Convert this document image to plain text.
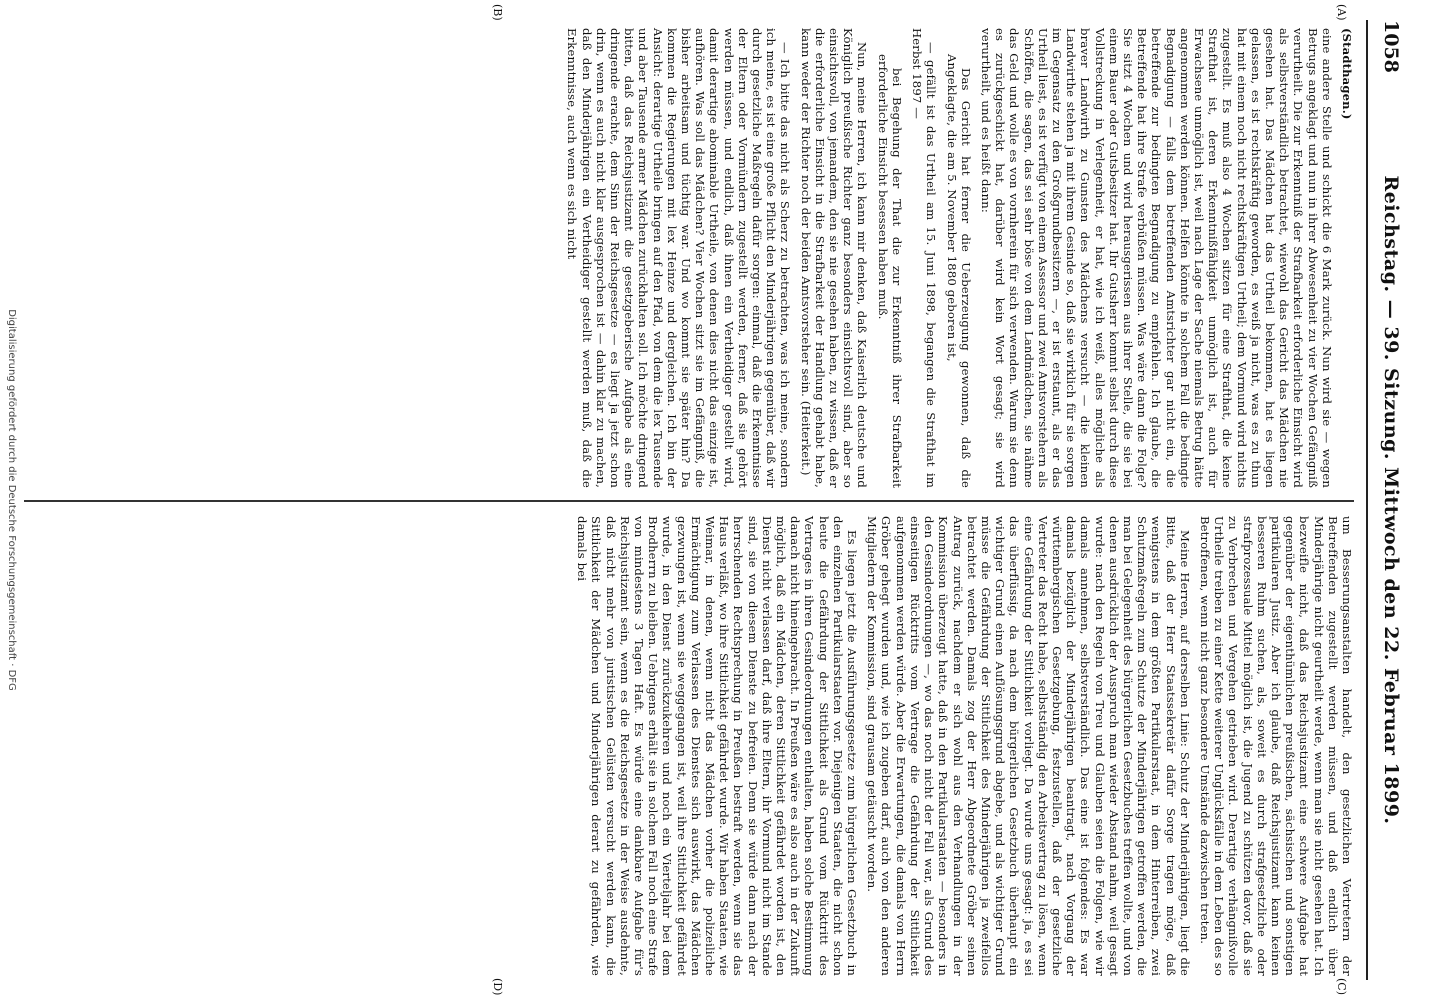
1058
Reichstag. — 39. Sitzung. Mittwoch den 22. Februar 1899.
(A)
(B)
(C)
(D)

(Stadthagen.)

eine andere Stelle und schickt die 6 Mark zurück. Nun wird sie — wegen Betrugs angeklagt und nun in ihrer Abwesenheit zu vier Wochen Gefängniß verurtheilt. Die zur Erkenntniß der Strafbarkeit erforderliche Einsicht wird als selbstverständlich betrachtet, wiewohl das Gericht das Mädchen nie gesehen hat. Das Mädchen hat das Urtheil bekommen, hat es liegen gelassen, es ist rechtskräftig geworden, es weiß ja nicht, was es zu thun hat mit einem noch nicht rechtskräftigen Urtheil; dem Vormund wird nichts zugestellt. Es muß also 4 Wochen sitzen für eine Strafthat, die keine Strafthat ist, deren Erkenntnißfähigkeit unmöglich ist, auch für Erwachsene unmöglich ist, weil nach Lage der Sache niemals Betrug hätte angenommen werden können. Helfen könnte in solchem Fall die bedingte Begnadigung — falls dem betreffenden Amtsrichter gar nicht ein, die betreffende zur bedingten Begnadigung zu empfehlen. Ich glaube, die Betreffende hat ihre Strafe verbüßen müssen. Was wäre dann die Folge? Sie sitzt 4 Wochen und wird herausgerissen aus ihrer Stelle, die sie bei einem Bauer oder Gutsbesitzer hat. Ihr Gutsherr kommt selbst durch diese Vollstreckung in Verlegenheit, er hat, wie ich weiß, alles mögliche als braver Landwirth zu Gunsten des Mädchens versucht — die kleinen Landwirthe stehen ja mit ihrem Gesinde so, daß sie wirklich für sie sorgen im Gegensatz zu den Großgrundbesitzern —, er ist erstaunt, als er das Urtheil liest, es ist verfügt von einem Assessor und zwei Amtsvorstehern als Schöffen, die sagen, das sei sehr böse von dem Landmädchen, sie nähme das Geld und wolle es von vornherein für sich verwenden. Warum sie denn es zurückgeschickt hat, darüber wird kein Wort gesagt; sie wird verurtheilt, und es heißt dann:

Das Gericht hat ferner die Ueberzeugung gewonnen, daß die Angeklagte, die am 5. November 1880 geboren ist,

— gefällt ist das Urtheil am 15. Juni 1898, begangen die Strafthat im Herbst 1897 —

bei Begehung der That die zur Erkenntniß ihrer Strafbarkeit erforderliche Einsicht besessen haben muß.

Nun, meine Herren, ich kann mir denken, daß Kaiserlich deutsche und Königlich preußische Richter ganz besonders einsichtsvoll sind, aber so einsichtsvoll, von jemandem, den sie nie gesehen haben, zu wissen, daß er die erforderliche Einsicht in die Strafbarkeit der Handlung gehabt habe, kann weder der Richter noch der beiden Amtsvorsteher sein. (Heiterkeit.)

— Ich bitte das nicht als Scherz zu betrachten, was ich meine, sondern ich meine, es ist eine große Pflicht den Minderjährigen gegenüber, daß wir durch gesetzliche Maßregeln dafür sorgen: einmal, daß die Erkenntnisse der Eltern oder Vormündern zugestellt werden, ferner, daß sie gehört werden müssen, und endlich, daß ihnen ein Vertheidiger gestellt wird, damit derartige abominable Urtheile, von denen dies nicht das einzige ist, aufhören. Was soll das Mädchen? Vier Wochen sitzt sie im Gefängniß, die bisher arbeitsam und tüchtig war. Und wo kommt sie später hin? Da kommen die Regierungen mit lex Heinze und dergleichen. Ich bin der Ansicht: derartige Urtheile bringen auf den Pfad, von dem die lex Tausende und aber Tausende armer Mädchen zurückhalten soll. Ich möchte dringend bitten, daß das Reichsjustizamt die gesetzgeberische Aufgabe als eine dringende erachte, dem Sinn der Reichsgesetze — es liegt ja jetzt schon drin, wenn es auch nicht klar ausgesprochen ist — dahin klar zu machen, daß den Minderjährigen ein Vertheidiger gestellt werden muß, daß die Erkenntnisse, auch wenn es sich nicht

um Besserungsanstalten handelt, den gesetzlichen Vertretern der Betreffenden zugestellt werden müssen, und daß endlich über Minderjährige nicht geurtheilt werde, wenn man sie nicht gesehen hat. Ich bezweifle nicht, daß das Reichsjustizamt eine schwere Aufgabe hat gegenüber der eigenthümlichen preußischen, sächsischen und sonstigen partikularen Justiz. Aber ich glaube, daß Reichsjustizamt kann keinen besseren Ruhm suchen, als, soweit es durch strafgesetzliche oder strafprozessuale Mittel möglich ist, die Jugend zu schützen davor, daß sie zu Verbrechen und Vergehen getrieben wird. Derartige verhängnißvolle Urtheile treiben zu einer Kette weiterer Unglücksfälle in dem Leben des so Betroffenen, wenn nicht ganz besondere Umstände dazwischen treten.

Meine Herren, auf derselben Linie: Schutz der Minderjährigen, liegt die Bitte, daß der Herr Staatssekretär dafür Sorge tragen möge, daß wenigstens in dem größten Partikularstaat, in dem Hinterreiben, zwei Schutzmaßregeln zum Schutze der Minderjährigen getroffen werden, die man bei Gelegenheit des bürgerlichen Gesetzbuches treffen wollte, und von denen ausdrücklich der Ausspruch man wieder Abstand nahm, weil gesagt wurde: nach den Regeln von Treu und Glauben seien die Folgen, wie wir damals annehmen, selbstverständlich. Das eine ist folgendes: Es war damals bezüglich der Minderjährigen beantragt, nach Vorgang der württembergischen Gesetzgebung, festzustellen, daß der gesetzliche Vertreter das Recht habe, selbstständig den Arbeitsvertrag zu lösen, wenn eine Gefährdung der Sittlichkeit vorliegt. Da wurde uns gesagt: ja, es sei das überflüssig, da nach dem bürgerlichen Gesetzbuch überhaupt ein wichtiger Grund einen Auflösungsgrund abgebe, und als wichtiger Grund müsse die Gefährdung der Sittlichkeit des Minderjährigen ja zweifellos betrachtet werden. Damals zog der Herr Abgeordnete Gröber seinen Antrag zurück, nachdem er sich wohl aus den Verhandlungen in der Kommission überzeugt hatte, daß in den Partikularstaaten — besonders in den Gesindeordnungen —, wo das noch nicht der Fall war, als Grund des einseitigen Rücktritts vom Vertrage die Gefährdung der Sittlichkeit aufgenommen werden würde. Aber die Erwartungen, die damals von Herrn Gröber gehegt wurden und, wie ich zugeben darf, auch von den anderen Mitgliedern der Kommission, sind grausam getäuscht worden.

Es liegen jetzt die Ausführungsgesetze zum bürgerlichen Gesetzbuch in den einzelnen Partikularstaaten vor. Diejenigen Staaten, die nicht schon heute die Gefährdung der Sittlichkeit als Grund vom Rücktritt des Vertrages in ihren Gesindeordnungen enthalten, haben solche Bestimmung danach nicht hineingebracht. In Preußen wäre es also auch in der Zukunft möglich, daß ein Mädchen, deren Sittlichkeit gefährdet worden ist, den Dienst nicht verlassen darf, daß ihre Eltern, ihr Vormund nicht im Stande sind, sie von diesem Dienste zu befreien. Denn sie würde dann nach der herrschenden Rechtsprechung in Preußen bestraft werden, wenn sie das Haus verläßt, wo ihre Sittlichkeit gefährdet wurde. Wir haben Staaten, wie Weimar, in denen, wenn nicht das Mädchen vorher die polizeiliche Ermächtigung zum Verlassen des Dienstes sich auswirkt, das Mädchen gezwungen ist, wenn sie weggegangen ist, weil ihre Sittlichkeit gefährdet wurde, in den Dienst zurückzukehren und noch ein Vierteljahr bei dem Brodherrn zu bleiben. Uebrigens erhält sie in solchem Fall noch eine Strafe von mindestens 3 Tagen Haft. Es würde eine dankbare Aufgabe für's Reichsjustizamt sein, wenn es die Reichsgesetze in der Weise ausdehnte, daß nicht mehr von juristischen Gelüsten versucht werden kann, die Sittlichkeit der Mädchen und Minderjährigen derart zu gefährden, wie damals bei

Digitalisierung gefördert durch die Deutsche Forschungsgemeinschaft · DFG
